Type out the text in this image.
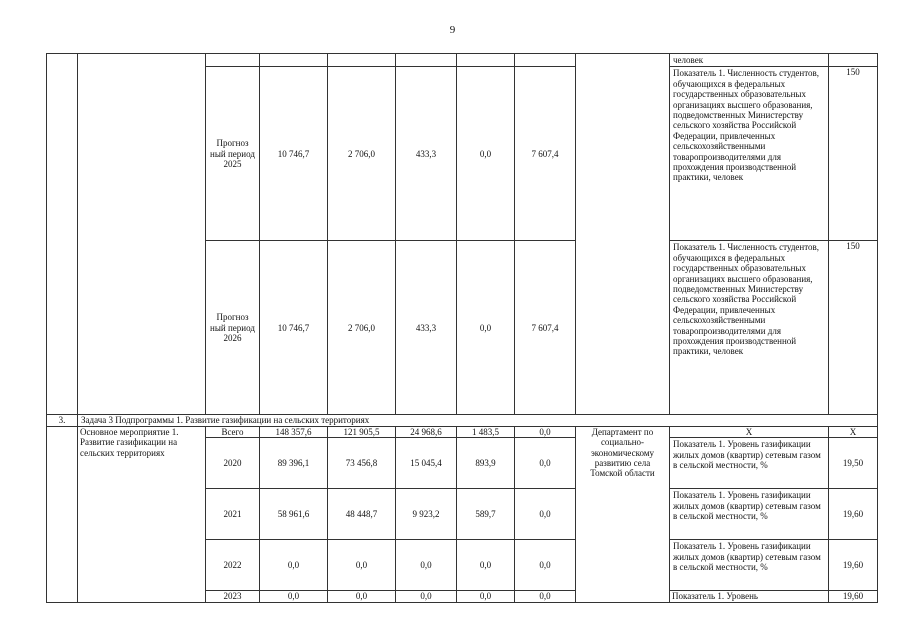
9
									человек	
		Прогноз ный период 2025	10 746,7	2 706,0	433,3	0,0	7 607,4		Показатель 1. Численность студентов, обучающихся в федеральных государственных образовательных организациях высшего образования, подведомственных Министерству сельского хозяйства Российской Федерации, привлеченных сельскохозяйственными товаропроизводителями для прохождения производственной практики, человек	150
		Прогноз ный период 2026	10 746,7	2 706,0	433,3	0,0	7 607,4		Показатель 1. Численность студентов, обучающихся в федеральных государственных образовательных организациях высшего образования, подведомственных Министерству сельского хозяйства Российской Федерации, привлеченных сельскохозяйственными товаропроизводителями для прохождения производственной практики, человек	150
3.	Задача 3 Подпрограммы 1. Развитие газификации на сельских территориях									
	Основное мероприятие 1. Развитие газификации на сельских территориях	Всего	148 357,6	121 905,5	24 968,6	1 483,5	0,0	Департамент по социально-экономическому развитию села Томской области	X	X
		2020	89 396,1	73 456,8	15 045,4	893,9	0,0		Показатель 1. Уровень газификации жилых домов (квартир) сетевым газом в сельской местности, %	19,50
		2021	58 961,6	48 448,7	9 923,2	589,7	0,0		Показатель 1. Уровень газификации жилых домов (квартир) сетевым газом в сельской местности, %	19,60
		2022	0,0	0,0	0,0	0,0	0,0		Показатель 1. Уровень газификации жилых домов (квартир) сетевым газом в сельской местности, %	19,60
		2023	0,0	0,0	0,0	0,0	0,0		Показатель 1. Уровень	19,60
